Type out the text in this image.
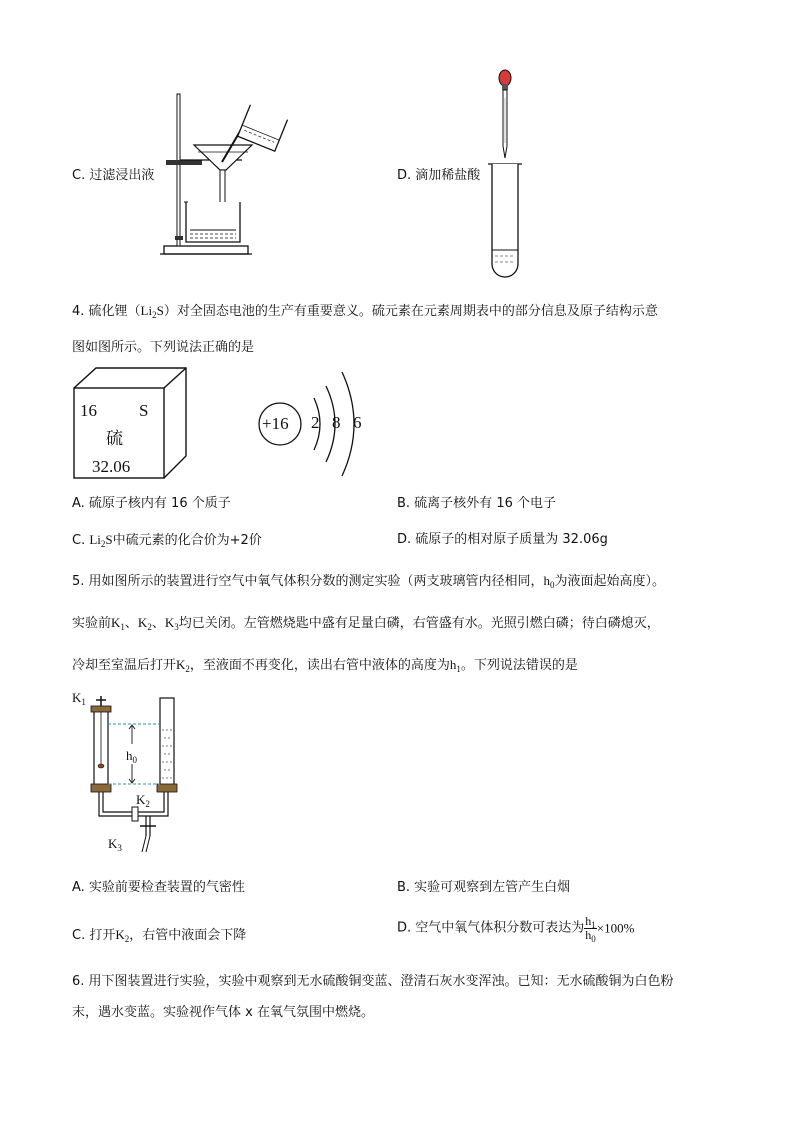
C. 过滤浸出液	D. 滴加稀盐酸
4. 硫化锂$(Li_2S)$对全固态电池的生产有重要意义。硫元素在元素周期表中的部分信息及原子结构示意
图如图所示。下列说法正确的是
16 S
硫
32.06
+16 2 8 6
A. 硫原子核内有 16 个质子	B. 硫离子核外有 16 个电子
C. $Li_2S$中硫元素的化合价为+2价	D. 硫原子的相对原子质量为 32.06g
5. 用如图所示的装置进行空气中氧气体积分数的测定实验（两支玻璃管内径相同，$h_0$为液面起始高度）。
实验前$K_1$、$K_2$、$K_3$均已关闭。左管燃烧匙中盛有足量白磷，右管盛有水。光照引燃白磷；待白磷熄灭，
冷却至室温后打开$K_2$，至液面不再变化，读出右管中液体的高度为$h_1$。下列说法错误的是
$K_1$
$h_0$
$K_2$
$K_3$
A. 实验前要检查装置的气密性	B. 实验可观察到左管产生白烟
C. 打开$K_2$，右管中液面会下降	D. 空气中氧气体积分数可表达为 $\frac{h_1}{h_0} \times 100\%$
6. 用下图装置进行实验，实验中观察到无水硫酸铜变蓝、澄清石灰水变浑浊。已知：无水硫酸铜为白色粉
末，遇水变蓝。实验视作气体 x 在氧气氛围中燃烧。
